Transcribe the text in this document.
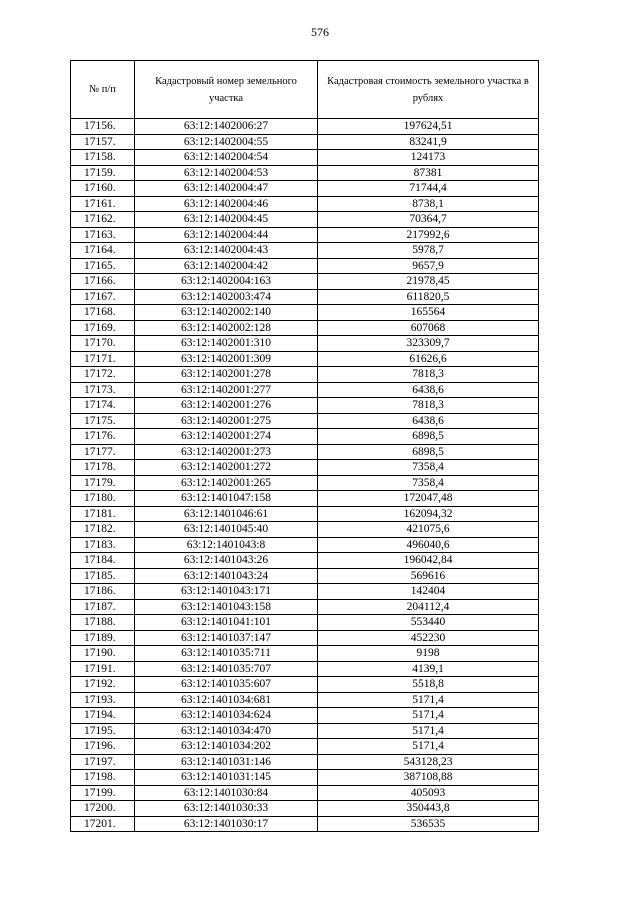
576
№ п/п	Кадастровый номер земельного участка	Кадастровая стоимость земельного участка в рублях
17156.	63:12:1402006:27	197624,51
17157.	63:12:1402004:55	83241,9
17158.	63:12:1402004:54	124173
17159.	63:12:1402004:53	87381
17160.	63:12:1402004:47	71744,4
17161.	63:12:1402004:46	8738,1
17162.	63:12:1402004:45	70364,7
17163.	63:12:1402004:44	217992,6
17164.	63:12:1402004:43	5978,7
17165.	63:12:1402004:42	9657,9
17166.	63:12:1402004:163	21978,45
17167.	63:12:1402003:474	611820,5
17168.	63:12:1402002:140	165564
17169.	63:12:1402002:128	607068
17170.	63:12:1402001:310	323309,7
17171.	63:12:1402001:309	61626,6
17172.	63:12:1402001:278	7818,3
17173.	63:12:1402001:277	6438,6
17174.	63:12:1402001:276	7818,3
17175.	63:12:1402001:275	6438,6
17176.	63:12:1402001:274	6898,5
17177.	63:12:1402001:273	6898,5
17178.	63:12:1402001:272	7358,4
17179.	63:12:1402001:265	7358,4
17180.	63:12:1401047:158	172047,48
17181.	63:12:1401046:61	162094,32
17182.	63:12:1401045:40	421075,6
17183.	63:12:1401043:8	496040,6
17184.	63:12:1401043:26	196042,84
17185.	63:12:1401043:24	569616
17186.	63:12:1401043:171	142404
17187.	63:12:1401043:158	204112,4
17188.	63:12:1401041:101	553440
17189.	63:12:1401037:147	452230
17190.	63:12:1401035:711	9198
17191.	63:12:1401035:707	4139,1
17192.	63:12:1401035:607	5518,8
17193.	63:12:1401034:681	5171,4
17194.	63:12:1401034:624	5171,4
17195.	63:12:1401034:470	5171,4
17196.	63:12:1401034:202	5171,4
17197.	63:12:1401031:146	543128,23
17198.	63:12:1401031:145	387108,88
17199.	63:12:1401030:84	405093
17200.	63:12:1401030:33	350443,8
17201.	63:12:1401030:17	536535
